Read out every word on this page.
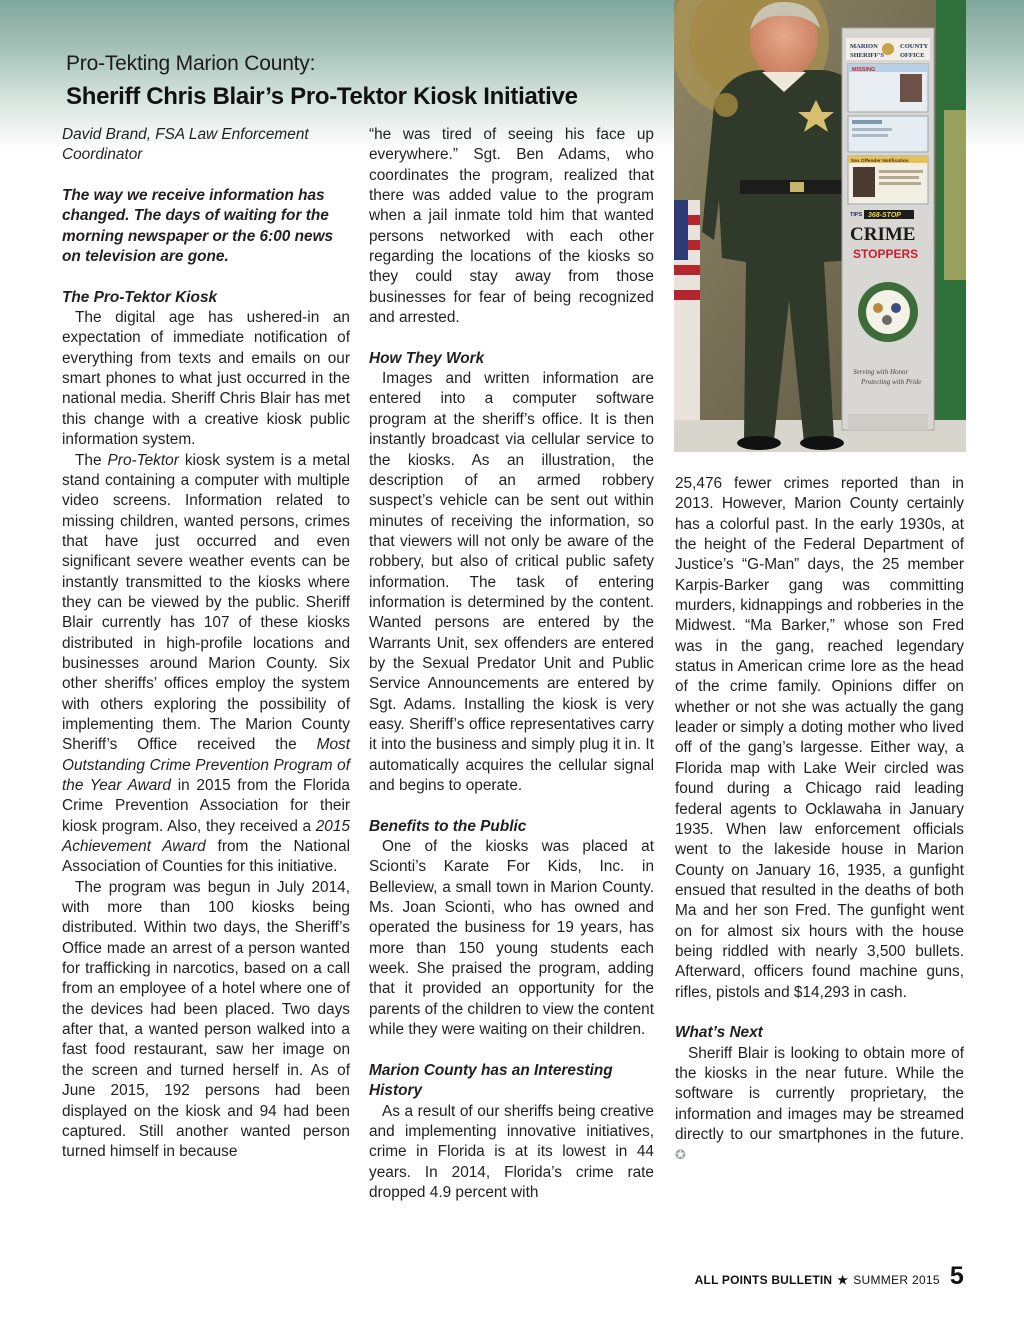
Pro-Tekting Marion County:
Sheriff Chris Blair’s Pro-Tektor Kiosk Initiative

David Brand, FSA Law Enforcement

Coordinator

The way we receive information has changed. The days of waiting for the morning newspaper or the 6:00 news on television are gone.

The Pro-Tektor Kiosk

The digital age has ushered-in an expectation of immediate notification of everything from texts and emails on our smart phones to what just occurred in the national media. Sheriff Chris Blair has met this change with a creative kiosk public information system.

The Pro-Tektor kiosk system is a metal stand containing a computer with multiple video screens. Information related to missing children, wanted persons, crimes that have just occurred and even significant severe weather events can be instantly transmitted to the kiosks where they can be viewed by the public. Sheriff Blair currently has 107 of these kiosks distributed in high-profile locations and businesses around Marion County. Six other sheriffs’ offices employ the system with others exploring the possibility of implementing them. The Marion County Sheriff’s Office received the Most Outstanding Crime Prevention Program of the Year Award in 2015 from the Florida Crime Prevention Association for their kiosk program. Also, they received a 2015 Achievement Award from the National Association of Counties for this initiative.

The program was begun in July 2014, with more than 100 kiosks being distributed. Within two days, the Sheriff’s Office made an arrest of a person wanted for trafficking in narcotics, based on a call from an employee of a hotel where one of the devices had been placed. Two days after that, a wanted person walked into a fast food restaurant, saw her image on the screen and turned herself in. As of June 2015, 192 persons had been displayed on the kiosk and 94 had been captured. Still another wanted person turned himself in because

“he was tired of seeing his face up everywhere.” Sgt. Ben Adams, who coordinates the program, realized that there was added value to the program when a jail inmate told him that wanted persons networked with each other regarding the locations of the kiosks so they could stay away from those businesses for fear of being recognized and arrested.

How They Work

Images and written information are entered into a computer software program at the sheriff’s office. It is then instantly broadcast via cellular service to the kiosks. As an illustration, the description of an armed robbery suspect’s vehicle can be sent out within minutes of receiving the information, so that viewers will not only be aware of the robbery, but also of critical public safety information. The task of entering information is determined by the content. Wanted persons are entered by the Warrants Unit, sex offenders are entered by the Sexual Predator Unit and Public Service Announcements are entered by Sgt. Adams. Installing the kiosk is very easy. Sheriff’s office representatives carry it into the business and simply plug it in. It automatically acquires the cellular signal and begins to operate.

Benefits to the Public

One of the kiosks was placed at Scionti’s Karate For Kids, Inc. in Belleview, a small town in Marion County. Ms. Joan Scionti, who has owned and operated the business for 19 years, has more than 150 young students each week. She praised the program, adding that it provided an opportunity for the parents of the children to view the content while they were waiting on their children.

Marion County has an Interesting History

As a result of our sheriffs being creative and implementing innovative initiatives, crime in Florida is at its lowest in 44 years. In 2014, Florida’s crime rate dropped 4.9 percent with

25,476 fewer crimes reported than in 2013. However, Marion County certainly has a colorful past. In the early 1930s, at the height of the Federal Department of Justice’s “G-Man” days, the 25 member Karpis-Barker gang was committing murders, kidnappings and robberies in the Midwest. “Ma Barker,” whose son Fred was in the gang, reached legendary status in American crime lore as the head of the crime family. Opinions differ on whether or not she was actually the gang leader or simply a doting mother who lived off of the gang’s largesse. Either way, a Florida map with Lake Weir circled was found during a Chicago raid leading federal agents to Ocklawaha in January 1935. When law enforcement officials went to the lakeside house in Marion County on January 16, 1935, a gunfight ensued that resulted in the deaths of both Ma and her son Fred. The gunfight went on for almost six hours with the house being riddled with nearly 3,500 bullets. Afterward, officers found machine guns, rifles, pistols and $14,293 in cash.

What’s Next

Sheriff Blair is looking to obtain more of the kiosks in the near future. While the software is currently proprietary, the information and images may be streamed directly to our smartphones in the future. ✪

MARION	COUNTY
SHERIFF’S OFFICE
MISSING
Sex Offender Notification
TIPS 368-STOP
CRIME
STOPPERS
Serving with Honor
Protecting with Pride
ALL POINTS BULLETIN ★ SUMMER 2015 5
